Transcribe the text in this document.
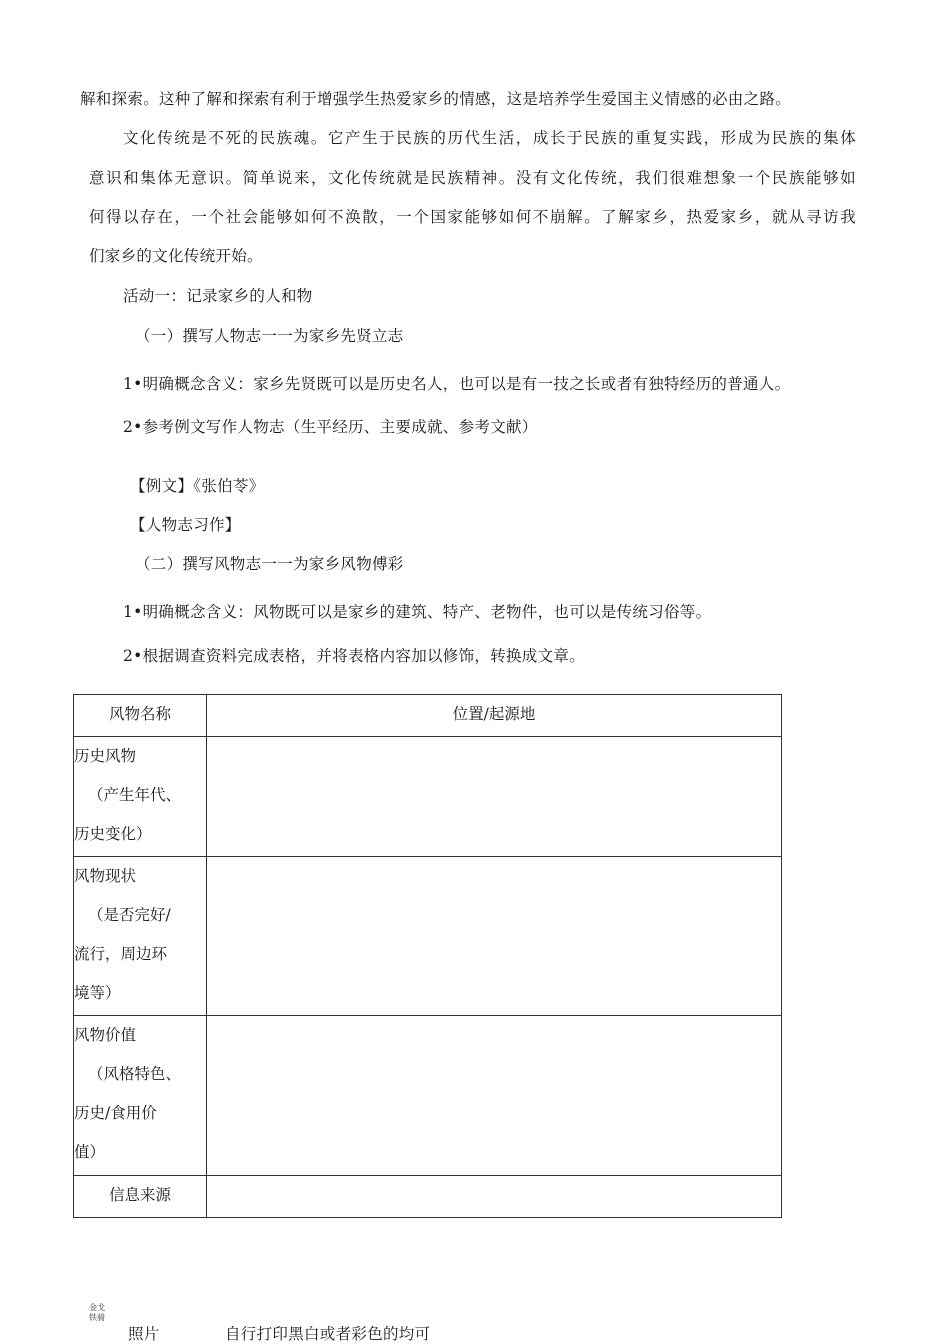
解和探索。这种了解和探索有利于增强学生热爱家乡的情感，这是培养学生爱国主义情感的必由之路。
文化传统是不死的民族魂。它产生于民族的历代生活，成长于民族的重复实践，形成为民族的集体
意识和集体无意识。简单说来，文化传统就是民族精神。没有文化传统，我们很难想象一个民族能够如
何得以存在，一个社会能够如何不涣散，一个国家能够如何不崩解。了解家乡，热爱家乡，就从寻访我
们家乡的文化传统开始。
活动一：记录家乡的人和物
（一）撰写人物志一一为家乡先贤立志
1•明确概念含义：家乡先贤既可以是历史名人，也可以是有一技之长或者有独特经历的普通人。
2•参考例文写作人物志（生平经历、主要成就、参考文献）
【例文】《张伯苓》
【人物志习作】
（二）撰写风物志一一为家乡风物傅彩
1•明确概念含义：风物既可以是家乡的建筑、特产、老物件，也可以是传统习俗等。
2•根据调查资料完成表格，并将表格内容加以修饰，转换成文章。
风物名称	位置/起源地

历史风物
（产生年代、
历史变化）	

风物现状
（是否完好/
流行，周边环
境等）	

风物价值
（风格特色、
历史/食用价
值）	

信息来源	

金戈
铁骑
照片	自行打印黑白或者彩色的均可
